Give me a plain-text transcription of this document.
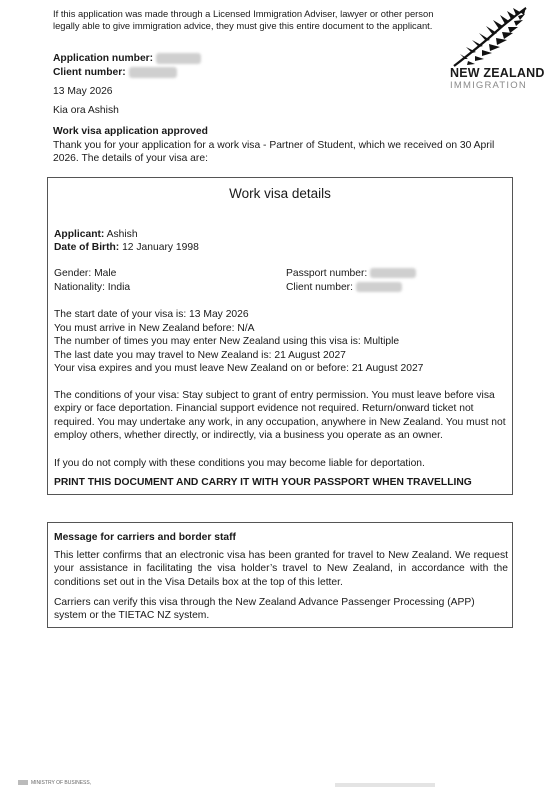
If this application was made through a Licensed Immigration Adviser, lawyer or other person legally able to give immigration advice, they must give this entire document to the applicant.
NEW ZEALAND
IMMIGRATION
Application number:
Client number:
13 May 2026
Kia ora Ashish
Work visa application approved
Thank you for your application for a work visa - Partner of Student, which we received on 30 April 2026. The details of your visa are:
Work visa details
Applicant: Ashish
Date of Birth: 12 January 1998
Gender: Male
Nationality: India
Passport number:
Client number:
The start date of your visa is: 13 May 2026
You must arrive in New Zealand before: N/A
The number of times you may enter New Zealand using this visa is: Multiple
The last date you may travel to New Zealand is: 21 August 2027
Your visa expires and you must leave New Zealand on or before: 21 August 2027
The conditions of your visa: Stay subject to grant of entry permission. You must leave before visa expiry or face deportation. Financial support evidence not required. Return/onward ticket not required. You may undertake any work, in any occupation, anywhere in New Zealand. You must not employ others, whether directly, or indirectly, via a business you operate as an owner.
If you do not comply with these conditions you may become liable for deportation.
PRINT THIS DOCUMENT AND CARRY IT WITH YOUR PASSPORT WHEN TRAVELLING
Message for carriers and border staff
This letter confirms that an electronic visa has been granted for travel to New Zealand. We request your assistance in facilitating the visa holder’s travel to New Zealand, in accordance with the conditions set out in the Visa Details box at the top of this letter.
Carriers can verify this visa through the New Zealand Advance Passenger Processing (APP) system or the TIETAC NZ system.
MINISTRY OF BUSINESS,
